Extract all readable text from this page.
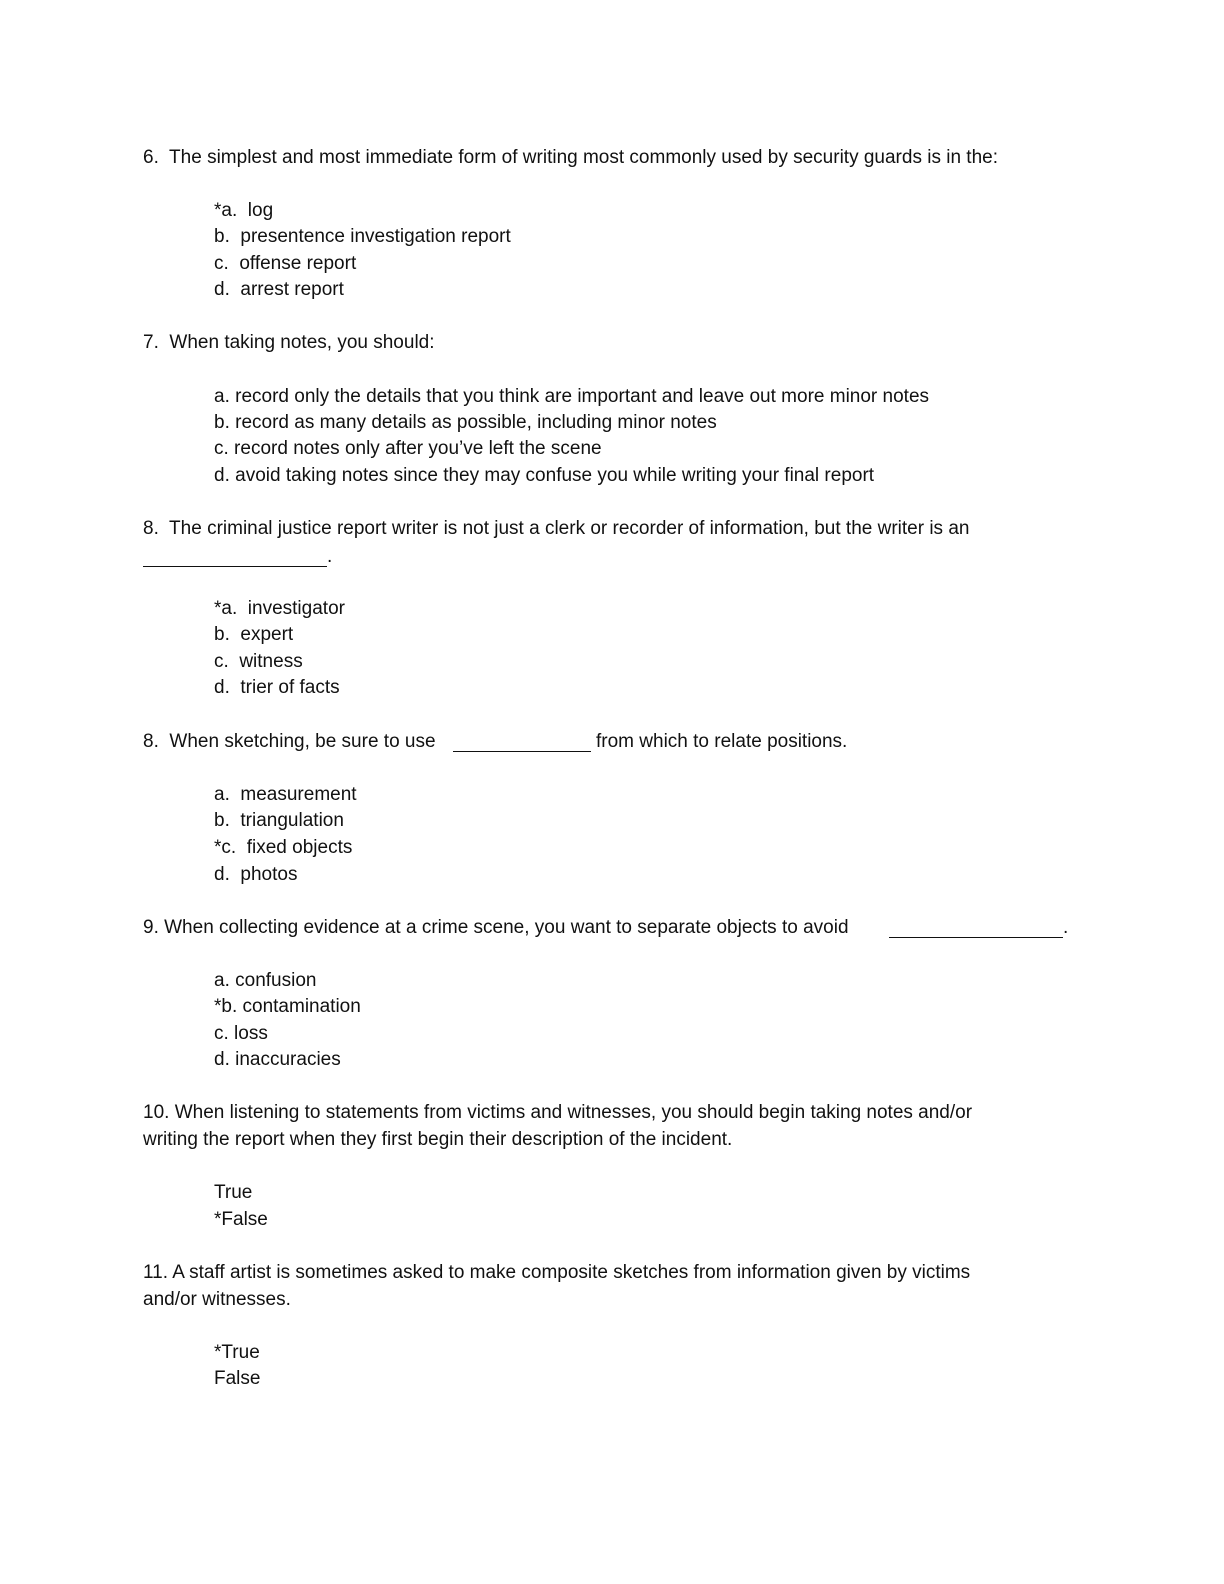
6.  The simplest and most immediate form of writing most commonly used by security guards is in the:
*a.  log
b.  presentence investigation report
c.  offense report
d.  arrest report
7.  When taking notes, you should:
a. record only the details that you think are important and leave out more minor notes
b. record as many details as possible, including minor notes
c. record notes only after you’ve left the scene
d. avoid taking notes since they may confuse you while writing your final report
8.  The criminal justice report writer is not just a clerk or recorder of information, but the writer is an
.
*a.  investigator
b.  expert
c.  witness
d.  trier of facts
8.  When sketching, be sure to use	from which to relate positions.
a.  measurement
b.  triangulation
*c.  fixed objects
d.  photos
9. When collecting evidence at a crime scene, you want to separate objects to avoid	.
a. confusion
*b. contamination
c. loss
d. inaccuracies
10. When listening to statements from victims and witnesses, you should begin taking notes and/or
writing the report when they first begin their description of the incident.
True
*False
11. A staff artist is sometimes asked to make composite sketches from information given by victims
and/or witnesses.
*True
False
